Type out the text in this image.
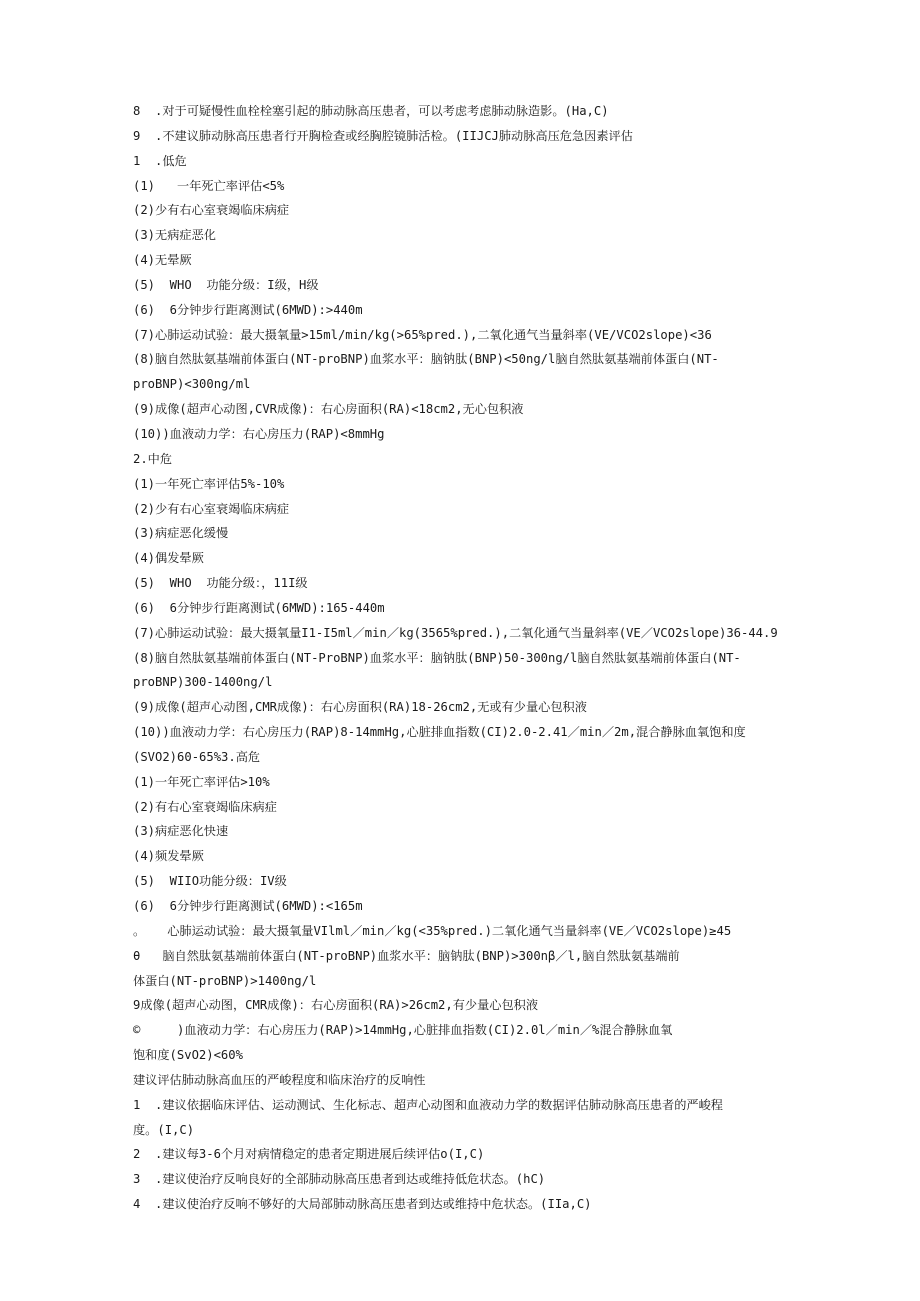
8  .对于可疑慢性血栓栓塞引起的肺动脉高压患者，可以考虑考虑肺动脉造影。(Ha,C)
9  .不建议肺动脉高压患者行开胸检查或经胸腔镜肺活检。(IIJCJ肺动脉高压危急因素评估
1  .低危
(1)   一年死亡率评估<5%
(2)少有右心室衰竭临床病症
(3)无病症恶化
(4)无晕厥
(5)  WHO  功能分级：I级，H级
(6)  6分钟步行距离测试(6MWD):>440m
(7)心肺运动试验：最大摄氧量>15ml/min/kg(>65%pred.),二氧化通气当量斜率(VE/VCO2slope)<36
(8)脑自然肽氨基端前体蛋白(NT-proBNP)血浆水平：脑钠肽(BNP)<50ng/l脑自然肽氨基端前体蛋白(NT-
proBNP)<300ng/ml
(9)成像(超声心动图,CVR成像)：右心房面积(RA)<18cm2,无心包积液
(10))血液动力学：右心房压力(RAP)<8mmHg
2.中危
(1)一年死亡率评估5%-10%
(2)少有右心室衰竭临床病症
(3)病症恶化缓慢
(4)偶发晕厥
(5)  WHO  功能分级：，11I级
(6)  6分钟步行距离测试(6MWD):165-440m
(7)心肺运动试验：最大摄氧量I1-I5ml／min／kg(3565%pred.),二氧化通气当量斜率(VE／VCO2slope)36-44.9
(8)脑自然肽氨基端前体蛋白(NT-ProBNP)血浆水平：脑钠肽(BNP)50-300ng/l脑自然肽氨基端前体蛋白(NT-
proBNP)300-1400ng/l
(9)成像(超声心动图,CMR成像)：右心房面积(RA)18-26cm2,无或有少量心包积液
(10))血液动力学：右心房压力(RAP)8-14mmHg,心脏排血指数(CI)2.0-2.41／min／2m,混合静脉血氧饱和度
(SVO2)60-65%3.高危
(1)一年死亡率评估>10%
(2)有右心室衰竭临床病症
(3)病症恶化快速
(4)频发晕厥
(5)  WIIO功能分级：IV级
(6)  6分钟步行距离测试(6MWD):<165m
。   心肺运动试验：最大摄氧量VIlml／min／kg(<35%pred.)二氧化通气当量斜率(VE／VCO2slope)≥45
θ   脑自然肽氨基端前体蛋白(NT-proBNP)血浆水平：脑钠肽(BNP)>300nβ／l,脑自然肽氨基端前
体蛋白(NT-proBNP)>1400ng/l
9成像(超声心动图，CMR成像)：右心房面积(RA)>26cm2,有少量心包积液
©     )血液动力学：右心房压力(RAP)>14mmHg,心脏排血指数(CI)2.0l／min／%混合静脉血氧
饱和度(SvO2)<60%
建议评估肺动脉高血压的严峻程度和临床治疗的反响性
1  .建议依据临床评估、运动测试、生化标志、超声心动图和血液动力学的数据评估肺动脉高压患者的严峻程
度。(I,C)
2  .建议每3-6个月对病情稳定的患者定期进展后续评估o(I,C)
3  .建议使治疗反响良好的全部肺动脉高压患者到达或维持低危状态。(hC)
4  .建议使治疗反响不够好的大局部肺动脉高压患者到达或维持中危状态。(IIa,C)
